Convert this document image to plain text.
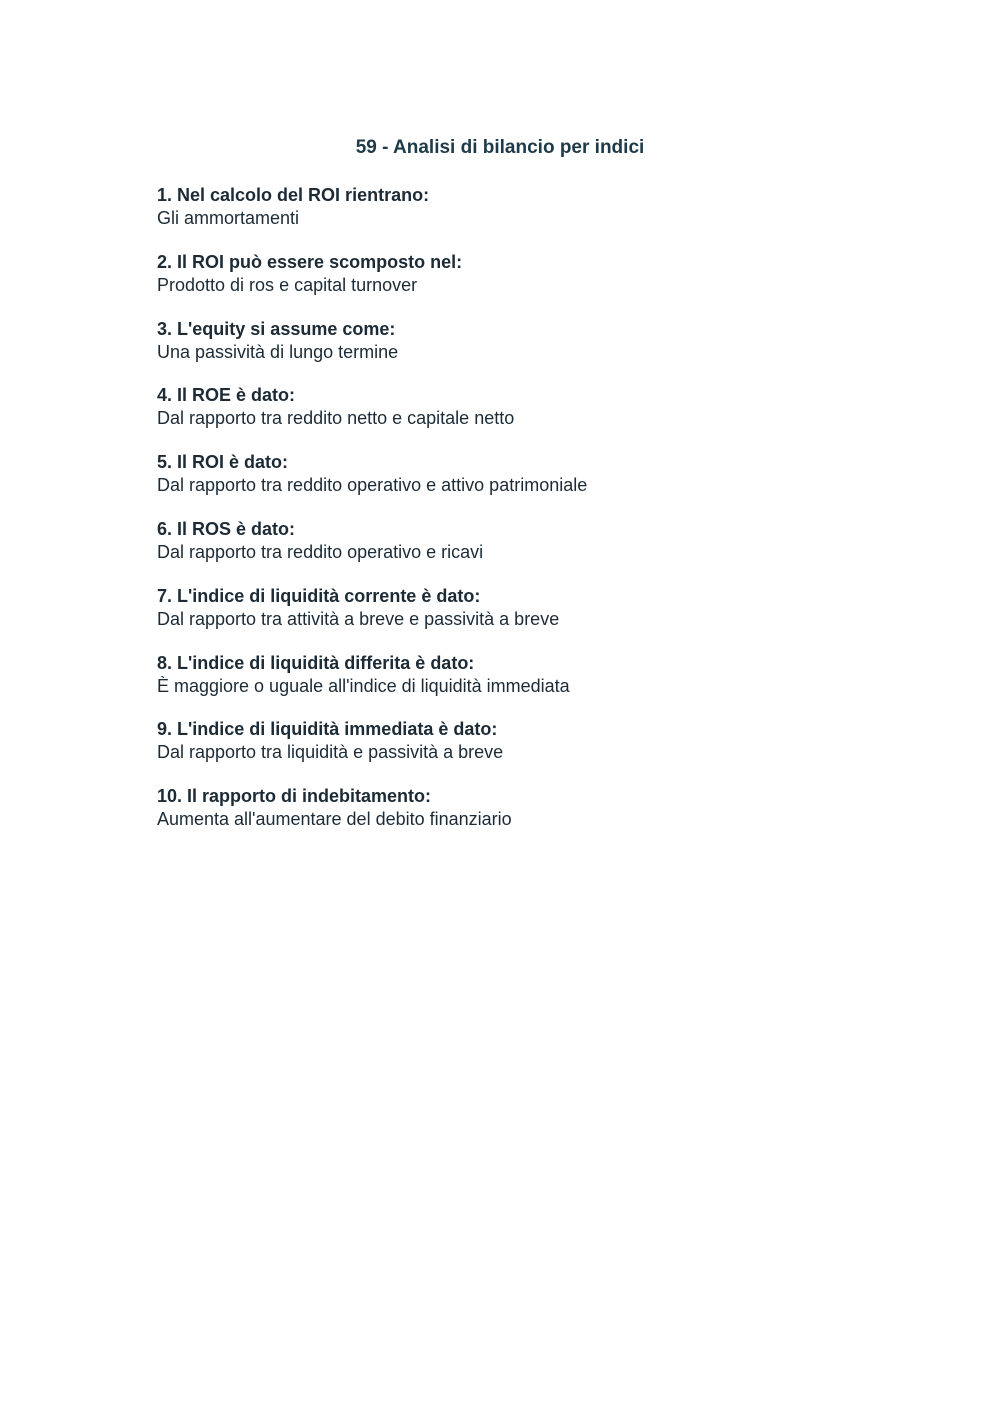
59 - Analisi di bilancio per indici
1. Nel calcolo del ROI rientrano:
Gli ammortamenti
2. Il ROI può essere scomposto nel:
Prodotto di ros e capital turnover
3. L'equity si assume come:
Una passività di lungo termine
4. Il ROE è dato:
Dal rapporto tra reddito netto e capitale netto
5. Il ROI è dato:
Dal rapporto tra reddito operativo e attivo patrimoniale
6. Il ROS è dato:
Dal rapporto tra reddito operativo e ricavi
7. L'indice di liquidità corrente è dato:
Dal rapporto tra attività a breve e passività a breve
8. L'indice di liquidità differita è dato:
È maggiore o uguale all'indice di liquidità immediata
9. L'indice di liquidità immediata è dato:
Dal rapporto tra liquidità e passività a breve
10. Il rapporto di indebitamento:
Aumenta all'aumentare del debito finanziario
